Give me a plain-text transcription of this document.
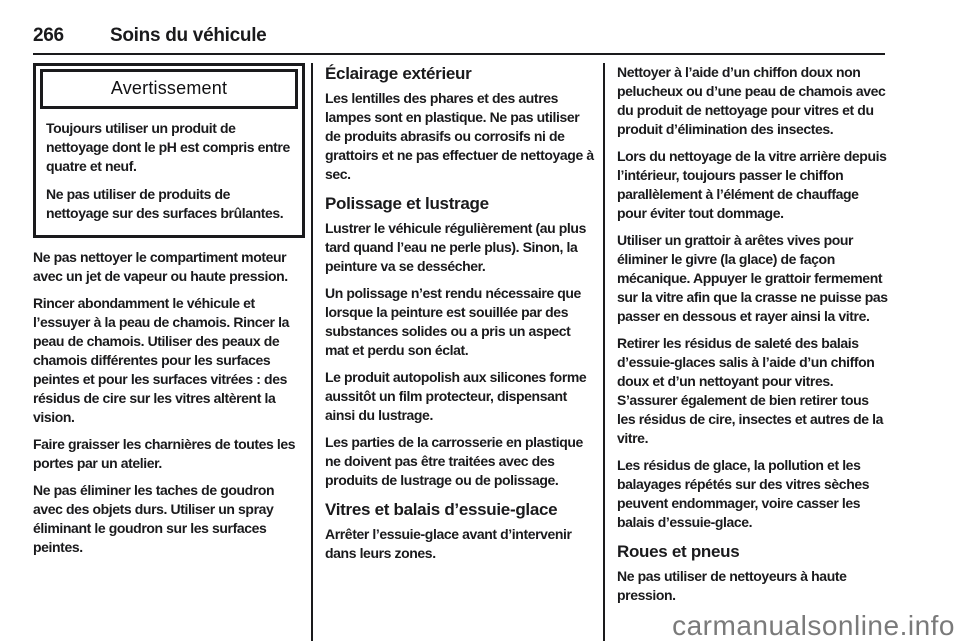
266	Soins du véhicule
Avertissement

Toujours utiliser un produit de nettoyage dont le pH est compris entre quatre et neuf.

Ne pas utiliser de produits de nettoyage sur des surfaces brûlantes.

Ne pas nettoyer le compartiment moteur avec un jet de vapeur ou haute pression.

Rincer abondamment le véhicule et l’essuyer à la peau de chamois. Rincer la peau de chamois. Utiliser des peaux de chamois différentes pour les surfaces peintes et pour les surfaces vitrées : des résidus de cire sur les vitres altèrent la vision.

Faire graisser les charnières de toutes les portes par un atelier.

Ne pas éliminer les taches de goudron avec des objets durs. Utiliser un spray éliminant le goudron sur les surfaces peintes.

Éclairage extérieur

Les lentilles des phares et des autres lampes sont en plastique. Ne pas utiliser de produits abrasifs ou corrosifs ni de grattoirs et ne pas effectuer de nettoyage à sec.

Polissage et lustrage

Lustrer le véhicule régulièrement (au plus tard quand l’eau ne perle plus). Sinon, la peinture va se dessécher.

Un polissage n’est rendu nécessaire que lorsque la peinture est souillée par des substances solides ou a pris un aspect mat et perdu son éclat.

Le produit autopolish aux silicones forme aussitôt un film protecteur, dispensant ainsi du lustrage.

Les parties de la carrosserie en plastique ne doivent pas être traitées avec des produits de lustrage ou de polissage.

Vitres et balais d’essuie-glace

Arrêter l’essuie-glace avant d’intervenir dans leurs zones.

Nettoyer à l’aide d’un chiffon doux non pelucheux ou d’une peau de chamois avec du produit de nettoyage pour vitres et du produit d’élimination des insectes.

Lors du nettoyage de la vitre arrière depuis l’intérieur, toujours passer le chiffon parallèlement à l’élément de chauffage pour éviter tout dommage.

Utiliser un grattoir à arêtes vives pour éliminer le givre (la glace) de façon mécanique. Appuyer le grattoir fermement sur la vitre afin que la crasse ne puisse pas passer en dessous et rayer ainsi la vitre.

Retirer les résidus de saleté des balais d’essuie-glaces salis à l’aide d’un chiffon doux et d’un nettoyant pour vitres. S’assurer également de bien retirer tous les résidus de cire, insectes et autres de la vitre.

Les résidus de glace, la pollution et les balayages répétés sur des vitres sèches peuvent endommager, voire casser les balais d’essuie-glace.

Roues et pneus

Ne pas utiliser de nettoyeurs à haute pression.

carmanualsonline.info
